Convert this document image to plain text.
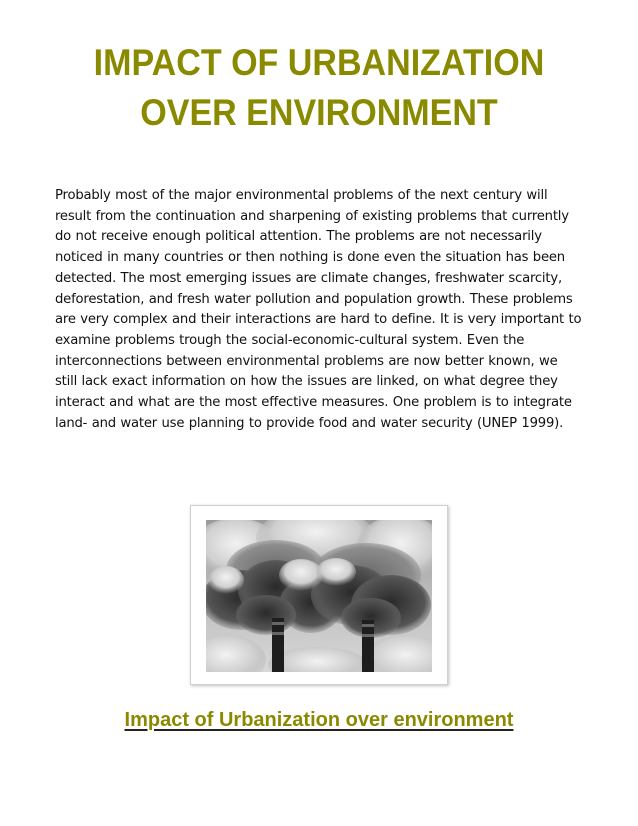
IMPACT OF URBANIZATION
OVER ENVIRONMENT

Probably most of the major environmental problems of the next century will result from the continuation and sharpening of existing problems that currently do not receive enough political attention. The problems are not necessarily noticed in many countries or then nothing is done even the situation has been detected. The most emerging issues are climate changes, freshwater scarcity, deforestation, and fresh water pollution and population growth. These problems are very complex and their interactions are hard to define. It is very important to examine problems trough the social-economic-cultural system. Even the interconnections between environmental problems are now better known, we still lack exact information on how the issues are linked, on what degree they interact and what are the most effective measures. One problem is to integrate land- and water use planning to provide food and water security (UNEP 1999).

Impact of Urbanization over environment
